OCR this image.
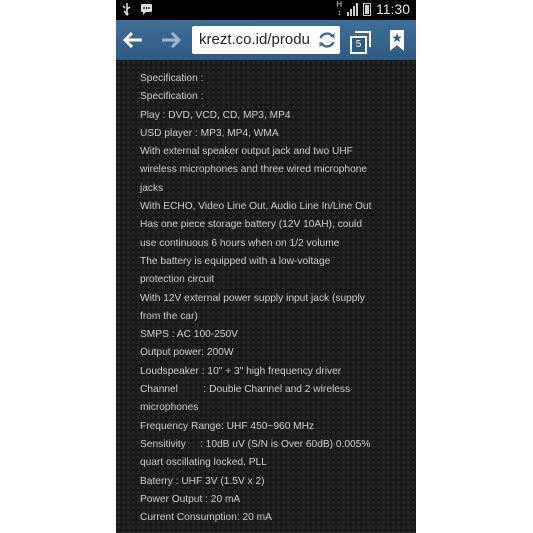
H
↕ 11:30
krezt.co.id/produ	5
Specification :
Specification :
Play : DVD, VCD, CD, MP3, MP4
USD player : MP3, MP4, WMA
With external speaker output jack and two UHF
wireless microphones and three wired microphone
jacks
With ECHO, Video Line Out, Audio Line In/Line Out
Has one piece storage battery (12V 10AH), could
use continuous 6 hours when on 1/2 volume
The battery is equipped with a low-voltage
protection circuit
With 12V external power supply input jack (supply
from the car)
SMPS : AC 100-250V
Output power: 200W
Loudspeaker : 10" + 3" high frequency driver
Channel         : Double Channel and 2 wireless
microphones
Frequency Range: UHF 450~960 MHz
Sensitivity     : 10dB uV (S/N is Over 60dB) 0.005%
quart oscillating locked. PLL
Baterry : UHF 3V (1.5V x 2)
Power Output : 20 mA
Current Consumption: 20 mA
